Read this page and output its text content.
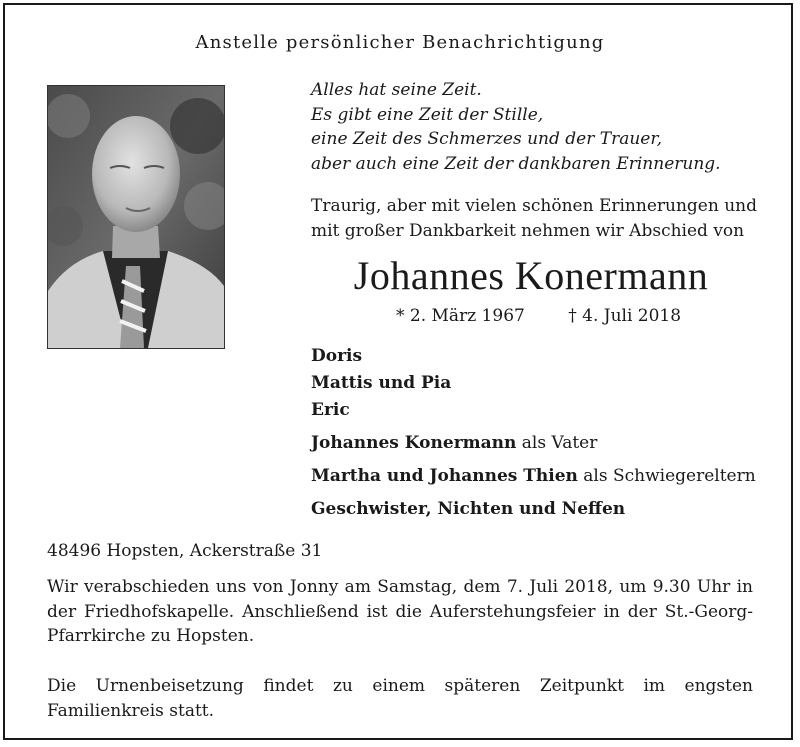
Anstelle persönlicher Benachrichtigung
Alles hat seine Zeit.
Es gibt eine Zeit der Stille,
eine Zeit des Schmerzes und der Trauer,
aber auch eine Zeit der dankbaren Erinnerung.
Traurig, aber mit vielen schönen Erinnerungen und
mit großer Dankbarkeit nehmen wir Abschied von
Johannes Konermann
* 2. März 1967	† 4. Juli 2018
Doris
Mattis und Pia
Eric
Johannes Konermann als Vater
Martha und Johannes Thien als Schwiegereltern
Geschwister, Nichten und Neffen
48496 Hopsten, Ackerstraße 31
Wir verabschieden uns von Jonny am Samstag, dem 7. Juli 2018, um 9.30 Uhr in der Friedhofskapelle. Anschließend ist die Auferstehungsfeier in der St.-Georg-Pfarrkirche zu Hopsten.
Die Urnenbeisetzung findet zu einem späteren Zeitpunkt im engsten Familienkreis statt.
